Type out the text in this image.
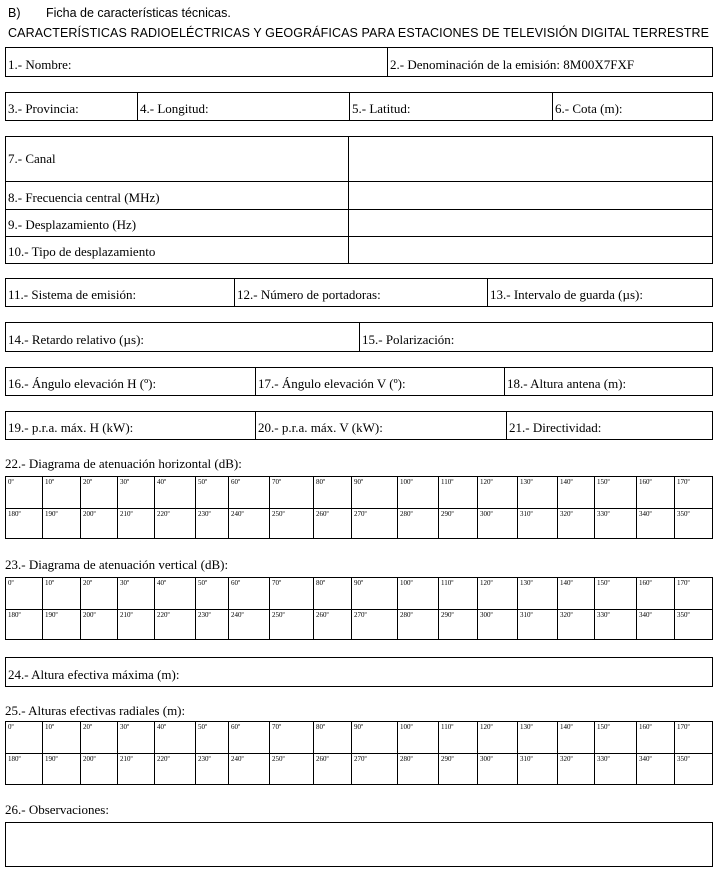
B) Ficha de características técnicas.
CARACTERÍSTICAS RADIOELÉCTRICAS Y GEOGRÁFICAS PARA ESTACIONES DE TELEVISIÓN DIGITAL TERRESTRE
1.- Nombre:	2.- Denominación de la emisión: 8M00X7FXF
3.- Provincia:	4.- Longitud:	5.- Latitud:	6.- Cota (m):
7.- Canal
8.- Frecuencia central (MHz)
9.- Desplazamiento (Hz)
10.- Tipo de desplazamiento
11.- Sistema de emisión:	12.- Número de portadoras:	13.- Intervalo de guarda (µs):
14.- Retardo relativo (µs):	15.- Polarización:
16.- Ángulo elevación H (º):	17.- Ángulo elevación V (º):	18.- Altura antena (m):
19.- p.r.a. máx. H (kW):	20.- p.r.a. máx. V (kW):	21.- Directividad:
22.- Diagrama de atenuación horizontal (dB):
0º	10º	20º	30º	40º	50º	60º	70º	80º	90º	100º	110º	120º	130º	140º	150º	160º	170º
180º	190º	200º	210º	220º	230º	240º	250º	260º	270º	280º	290º	300º	310º	320º	330º	340º	350º
23.- Diagrama de atenuación vertical (dB):
0º	10º	20º	30º	40º	50º	60º	70º	80º	90º	100º	110º	120º	130º	140º	150º	160º	170º
180º	190º	200º	210º	220º	230º	240º	250º	260º	270º	280º	290º	300º	310º	320º	330º	340º	350º
24.- Altura efectiva máxima (m):
25.- Alturas efectivas radiales (m):
0º	10º	20º	30º	40º	50º	60º	70º	80º	90º	100º	110º	120º	130º	140º	150º	160º	170º
180º	190º	200º	210º	220º	230º	240º	250º	260º	270º	280º	290º	300º	310º	320º	330º	340º	350º
26.- Observaciones:
